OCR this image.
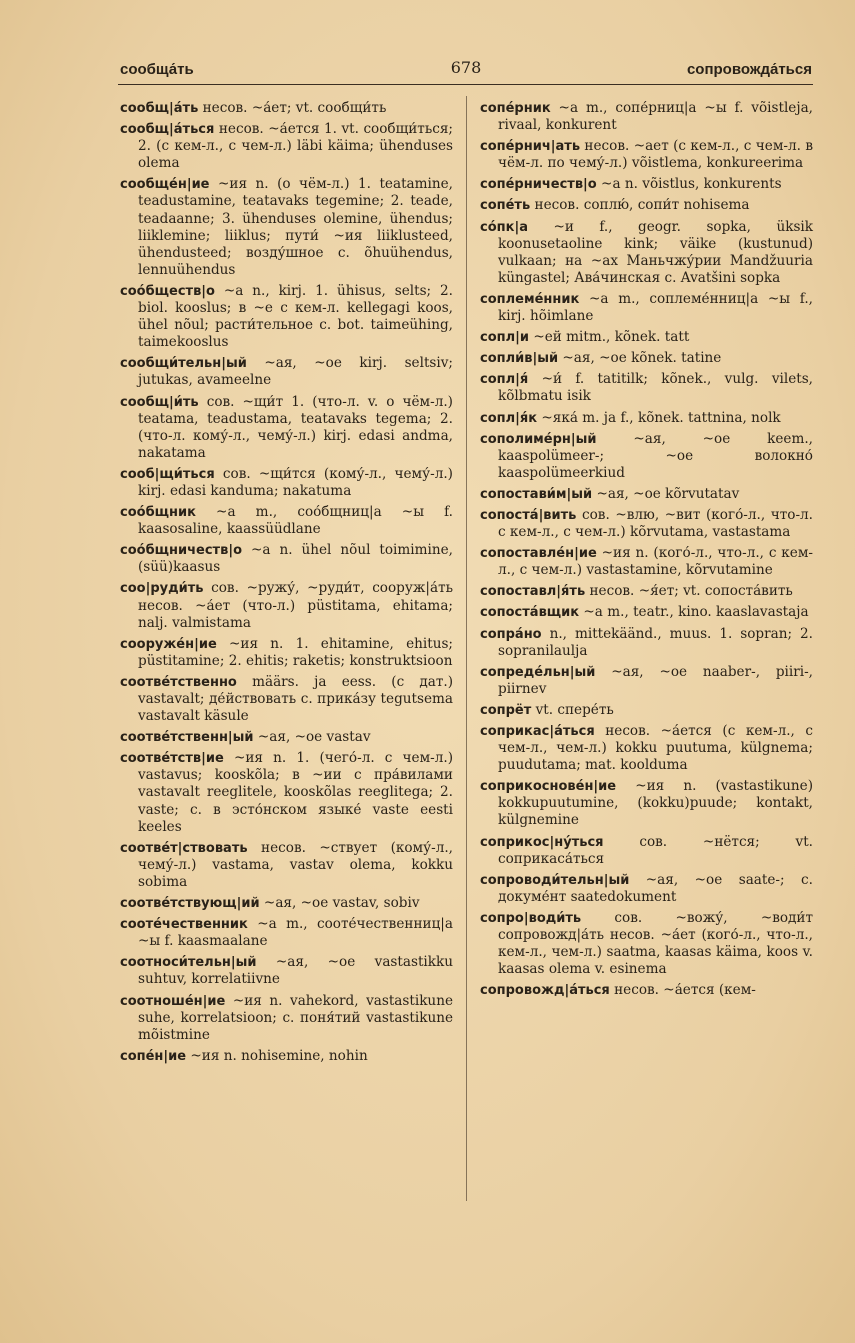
сообща́ть	678	сопровожда́ться

сообщ|а́ть несов. ~а́ет; vt. сообщи́ть

сообщ|а́ться несов. ~а́ется 1. vt. сообщи́ться; 2. (с кем-л., с чем-л.) läbi käima; ühenduses olema

сообще́н|ие ~ия n. (о чём-л.) 1. teatamine, teadustamine, teatavaks tegemine; 2. teade, teadaanne; 3. ühenduses olemine, ühendus; liiklemine; liiklus; пути́ ~ия liiklusteed, ühendusteed; возду́шное с. õhuühendus, lennuühendus

соо́бществ|о ~а n., kirj. 1. ühisus, selts; 2. biol. kooslus; в ~е с кем-л. kellegagi koos, ühel nõul; расти́тельное с. bot. taimeühing, taimekooslus

сообщи́тельн|ый ~ая, ~ое kirj. seltsiv; jutukas, avameelne

сообщ|и́ть сов. ~щи́т 1. (что-л. v. о чём-л.) teatama, teadustama, teatavaks tegema; 2. (что-л. кому́-л., чему́-л.) kirj. edasi andma, nakatama

сооб|щи́ться сов. ~щи́тся (кому́-л., чему́-л.) kirj. edasi kanduma; nakatuma

соо́бщник ~а m., соо́бщниц|а ~ы f. kaasosaline, kaassüüdlane

соо́бщничеств|о ~а n. ühel nõul toimimine, (süü)kaasus

соо|руди́ть сов. ~ружу́, ~руди́т, сооруж|а́ть несов. ~а́ет (что-л.) püstitama, ehitama; nalj. valmistama

сооруже́н|ие ~ия n. 1. ehitamine, ehitus; püstitamine; 2. ehitis; raketis; konstruktsioon

соотве́тственно määrs. ja eess. (с дат.) vastavalt; де́йствовать с. прика́зу tegutsema vastavalt käsule

соотве́тственн|ый ~ая, ~ое vastav

соотве́тств|ие ~ия n. 1. (чего́-л. с чем-л.) vastavus; kooskõla; в ~ии с пра́вилами vastavalt reeglitele, kooskõlas reeglitega; 2. vaste; с. в эсто́нском языке́ vaste eesti keeles

соотве́т|ствовать несов. ~ствует (кому́-л., чему́-л.) vastama, vastav olema, kokku sobima

соотве́тствующ|ий ~ая, ~ое vastav, sobiv

сооте́чественник ~а m., сооте́чественниц|а ~ы f. kaasmaalane

соотноси́тельн|ый ~ая, ~ое vastastikku suhtuv, korrelatiivne

соотноше́н|ие ~ия n. vahekord, vastastikune suhe, korrelatsioon; с. поня́тий vastastikune mõistmine

сопе́н|ие ~ия n. nohisemine, nohin

сопе́рник ~а m., сопе́рниц|а ~ы f. võistleja, rivaal, konkurent

сопе́рнич|ать несов. ~ает (с кем-л., с чем-л. в чём-л. по чему́-л.) võistlema, konkureerima

сопе́рничеств|о ~а n. võistlus, konkurents

сопе́ть несов. соплю́, сопи́т nohisema

со́пк|а ~и f., geogr. sopka, üksik koonusetaoline kink; väike (kustunud) vulkaan; на ~ах Маньчжу́рии Mandžuuria küngastel; Ава́чинская с. Avatšini sopka

соплеме́нник ~а m., соплеме́нниц|а ~ы f., kirj. hõimlane

сопл|и ~ей mitm., kõnek. tatt

сопли́в|ый ~ая, ~ое kõnek. tatine

сопл|я́ ~и́ f. tatitilk; kõnek., vulg. vilets, kõlbmatu isik

сопл|я́к ~яка́ m. ja f., kõnek. tattnina, nolk

сополиме́рн|ый ~ая, ~ое keem., kaaspolümeer-; ~ое волокно́ kaaspolümeerkiud

сопостави́м|ый ~ая, ~ое kõrvutatav

сопоста́|вить сов. ~влю, ~вит (кого́-л., что-л. с кем-л., с чем-л.) kõrvutama, vastastama

сопоставле́н|ие ~ия n. (кого́-л., что-л., с кем-л., с чем-л.) vastastamine, kõrvutamine

сопоставл|я́ть несов. ~я́ет; vt. сопоста́вить

сопоста́вщик ~а m., teatr., kino. kaaslavastaja

сопра́но n., mittekäänd., muus. 1. sopran; 2. sopranilaulja

сопреде́льн|ый ~ая, ~ое naaber-, piiri-, piirnev

сопрёт vt. спере́ть

соприкас|а́ться несов. ~а́ется (с кем-л., с чем-л., чем-л.) kokku puutuma, külgnema; puudutama; mat. kooldumа

соприкоснове́н|ие ~ия n. (vastastikune) kokkupuutumine, (kokku)puude; kontakt, külgnemine

соприкос|ну́ться сов. ~нётся; vt. соприкаса́ться

сопроводи́тельн|ый ~ая, ~ое saate-; с. докуме́нт saatedokument

сопро|води́ть сов. ~вожу́, ~води́т сопровожд|а́ть несов. ~а́ет (кого́-л., что-л., кем-л., чем-л.) saatma, kaasas käima, koos v. kaasas olema v. esinema

сопровожд|а́ться несов. ~а́ется (кем-
